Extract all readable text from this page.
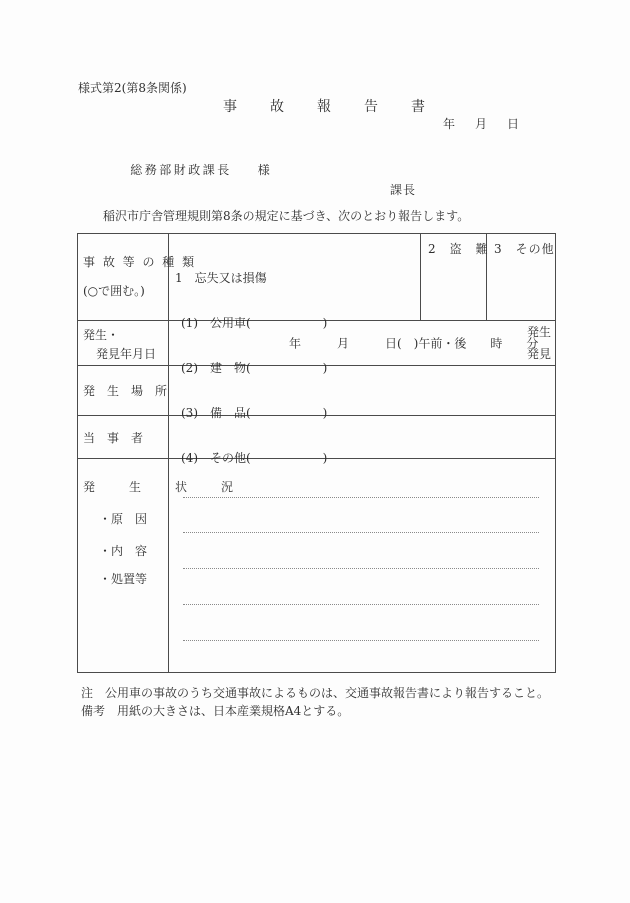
様式第2(第8条関係)
事故報告書
年　月　日

総務部財政課長 様

課長
稲沢市庁舎管理規則第8条の規定に基づき、次のとおり報告します。
事 故 等 の 種 類
(○で囲む。)

1　忘失又は損傷

(1)　公用車(　　　　　　)

(2)　建　物(　　　　　　)

(3)　備　品(　　　　　　)

(4)　その他(　　　　　　)

2　盗　難 3　その他
発生・
発見年月日
年　　　月　　　日(　)午前・後　　時　　分
発生
発見
発　生　場　所
当　事　者
発　生　状　況
・原　因
・内　容
・処置等
注　公用車の事故のうち交通事故によるものは、交通事故報告書により報告すること。
備考　用紙の大きさは、日本産業規格A4とする。
